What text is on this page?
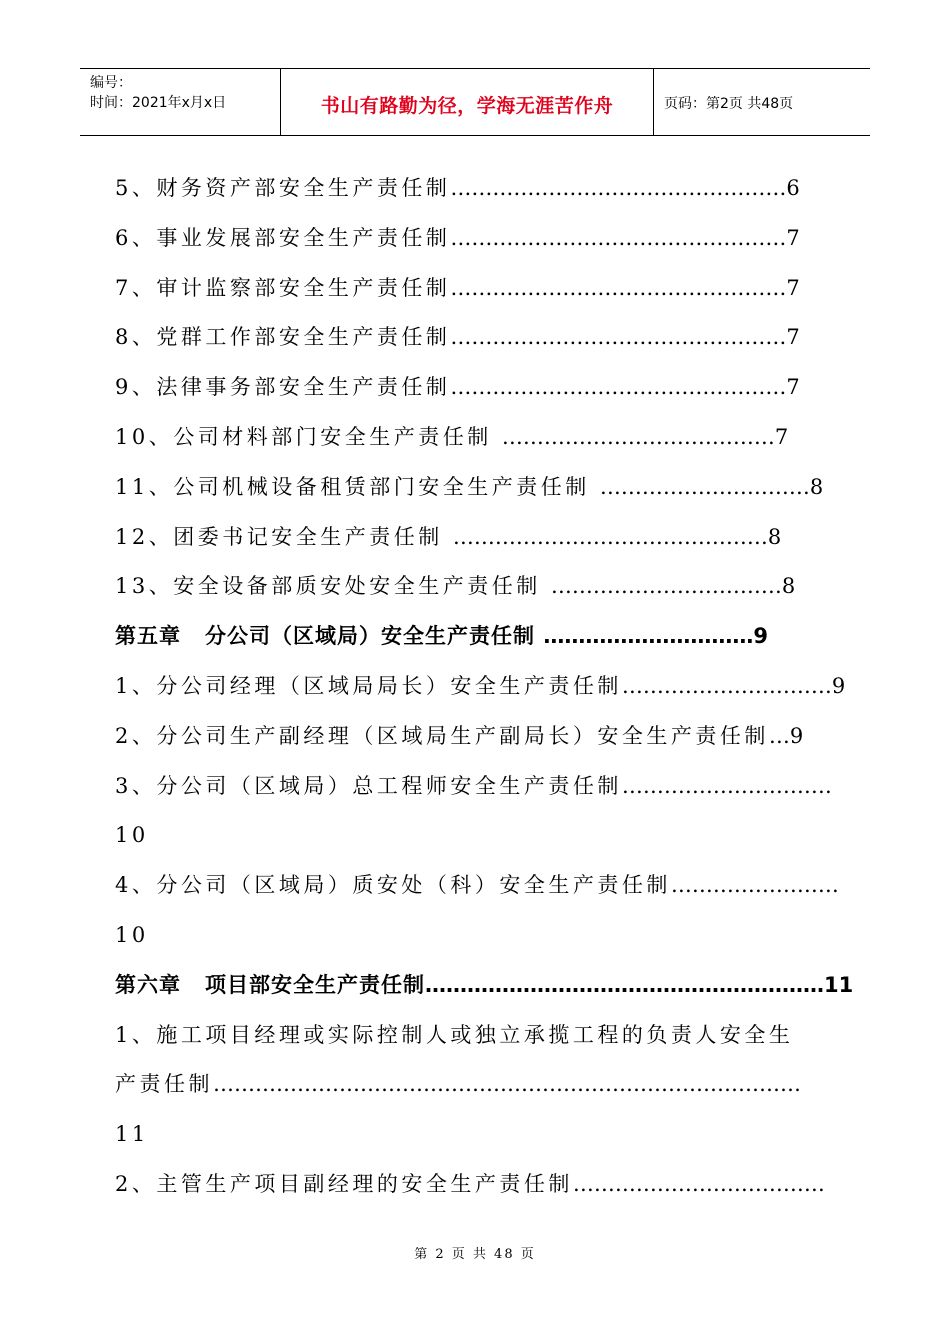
编号：
时间：2021年x月x日	书山有路勤为径，学海无涯苦作舟	页码：第2页 共48页
5、财务资产部安全生产责任制…………………………………………6
6、事业发展部安全生产责任制…………………………………………7
7、审计监察部安全生产责任制…………………………………………7
8、党群工作部安全生产责任制…………………………………………7
9、法律事务部安全生产责任制…………………………………………7
10、公司材料部门安全生产责任制 …………………………………7
11、公司机械设备租赁部门安全生产责任制 …………………………8
12、团委书记安全生产责任制 ………………………………………8
13、安全设备部质安处安全生产责任制 ……………………………8
第五章 分公司（区域局）安全生产责任制 …………………………9
1、分公司经理（区域局局长）安全生产责任制…………………………9
2、分公司生产副经理（区域局生产副局长）安全生产责任制…9
3、分公司（区域局）总工程师安全生产责任制…………………………
10
4、分公司（区域局）质安处（科）安全生产责任制……………………
10
第六章 项目部安全生产责任制…………………………………………………11
1、施工项目经理或实际控制人或独立承揽工程的负责人安全生
产责任制…………………………………………………………………………
11
2、主管生产项目副经理的安全生产责任制………………………………
第 2 页 共 48 页
